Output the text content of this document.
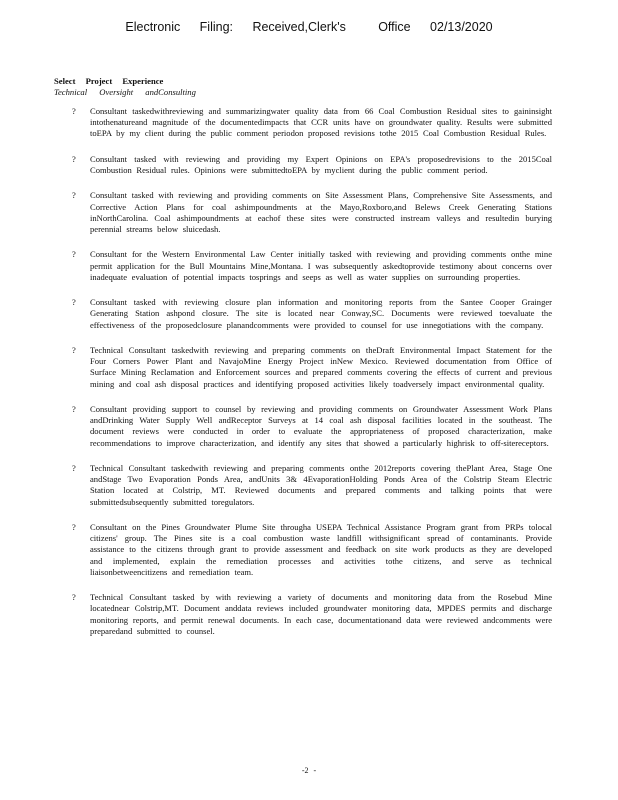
Electronic   Filing:   Received,Clerk's     Office   02/13/2020
Select Project Experience
Technical Oversight andConsulting
? Consultant taskedwithreviewing and summarizingwater quality data from 66 Coal Combustion Residual sites to gaininsight intothenatureand magnitude of the documentedimpacts that CCR units have on groundwater quality. Results were submitted toEPA by my client during the public comment periodon proposed revisions tothe 2015 Coal Combustion Residual Rules.
? Consultant tasked with reviewing and providing my Expert Opinions on EPA's proposedrevisions to the 2015Coal Combustion Residual rules. Opinions were submittedtoEPA by myclient during the public comment period.
? Consultant tasked with reviewing and providing comments on Site Assessment Plans, Comprehensive Site Assessments, and Corrective Action Plans for coal ashimpoundments at the Mayo,Roxboro,and Belews Creek Generating Stations inNorthCarolina. Coal ashimpoundments at eachof these sites were constructed instream valleys and resultedin burying perennial streams below sluicedash.
? Consultant for the Western Environmental Law Center initially tasked with reviewing and providing comments onthe mine permit application for the Bull Mountains Mine,Montana. I was subsequently askedtoprovide testimony about concerns over inadequate evaluation of potential impacts tosprings and seeps as well as water supplies on surrounding properties.
? Consultant tasked with reviewing closure plan information and monitoring reports from the Santee Cooper Grainger Generating Station ashpond closure. The site is located near Conway,SC. Documents were reviewed toevaluate the effectiveness of the proposedclosure planandcomments were provided to counsel for use innegotiations with the company.
? Technical Consultant taskedwith reviewing and preparing comments on theDraft Environmental Impact Statement for the Four Corners Power Plant and NavajoMine Energy Project inNew Mexico. Reviewed documentation from Office of Surface Mining Reclamation and Enforcement sources and prepared comments covering the effects of current and previous mining and coal ash disposal practices and identifying proposed activities likely toadversely impact environmental quality.
? Consultant providing support to counsel by reviewing and providing comments on Groundwater Assessment Work Plans andDrinking Water Supply Well andReceptor Surveys at 14 coal ash disposal facilities located in the southeast. The document reviews were conducted in order to evaluate the appropriateness of proposed characterization, make recommendations to improve characterization, and identify any sites that showed a particularly highrisk to off-sitereceptors.
? Technical Consultant taskedwith reviewing and preparing comments onthe 2012reports covering thePlant Area, Stage One andStage Two Evaporation Ponds Area, andUnits 3& 4EvaporationHolding Ponds Area of the Colstrip Steam Electric Station located at Colstrip, MT. Reviewed documents and prepared comments and talking points that were submittedsubsequently submitted toregulators.
? Consultant on the Pines Groundwater Plume Site througha USEPA Technical Assistance Program grant from PRPs tolocal citizens' group. The Pines site is a coal combustion waste landfill withsignificant spread of contaminants. Provide assistance to the citizens through grant to provide assessment and feedback on site work products as they are developed and implemented, explain the remediation processes and activities tothe citizens, and serve as technical liaisonbetweencitizens and remediation team.
? Technical Consultant tasked by with reviewing a variety of documents and monitoring data from the Rosebud Mine locatednear Colstrip,MT. Document anddata reviews included groundwater monitoring data, MPDES permits and discharge monitoring reports, and permit renewal documents. In each case, documentationand data were reviewed andcomments were preparedand submitted to counsel.
-2 -
